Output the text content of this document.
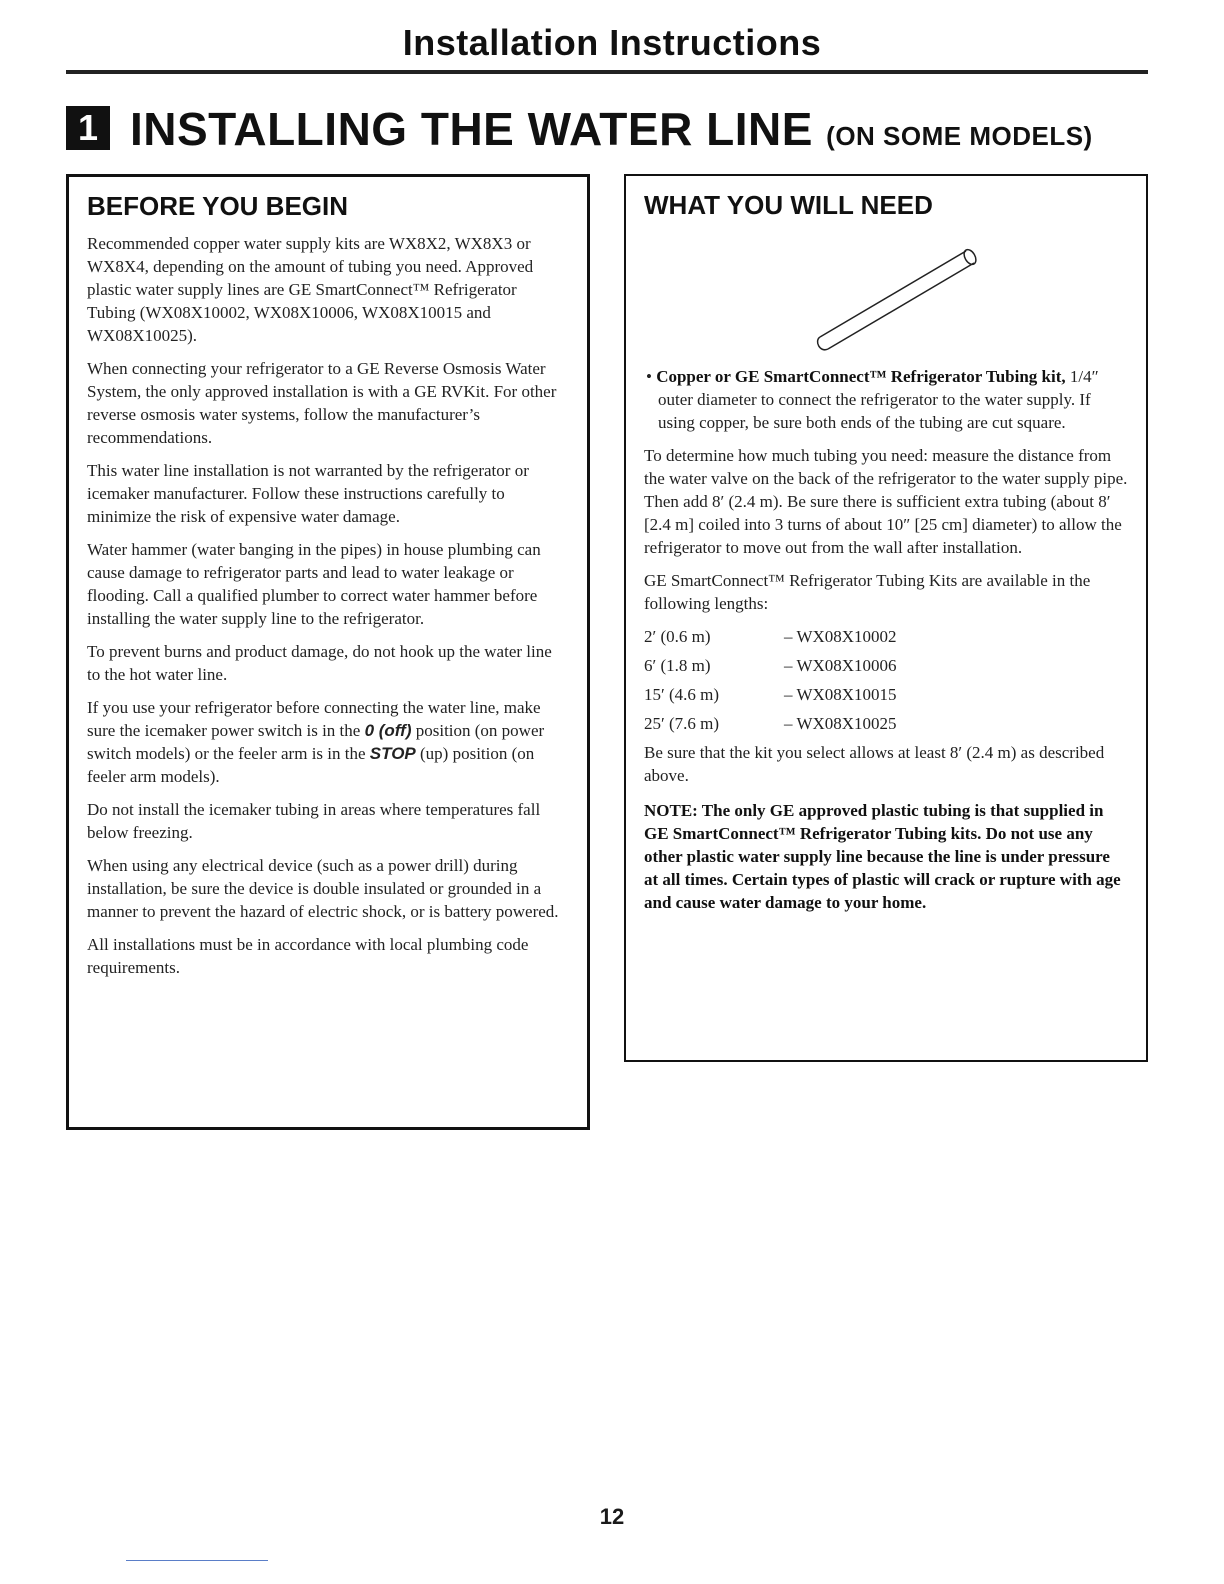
Installation Instructions
1 INSTALLING THE WATER LINE (ON SOME MODELS)
BEFORE YOU BEGIN

Recommended copper water supply kits are WX8X2, WX8X3 or WX8X4, depending on the amount of tubing you need. Approved plastic water supply lines are GE SmartConnect™ Refrigerator Tubing (WX08X10002, WX08X10006, WX08X10015 and WX08X10025).

When connecting your refrigerator to a GE Reverse Osmosis Water System, the only approved installation is with a GE RVKit. For other reverse osmosis water systems, follow the manufacturer’s recommendations.

This water line installation is not warranted by the refrigerator or icemaker manufacturer. Follow these instructions carefully to minimize the risk of expensive water damage.

Water hammer (water banging in the pipes) in house plumbing can cause damage to refrigerator parts and lead to water leakage or flooding. Call a qualified plumber to correct water hammer before installing the water supply line to the refrigerator.

To prevent burns and product damage, do not hook up the water line to the hot water line.

If you use your refrigerator before connecting the water line, make sure the icemaker power switch is in the 0 (off) position (on power switch models) or the feeler arm is in the STOP (up) position (on feeler arm models).

Do not install the icemaker tubing in areas where temperatures fall below freezing.

When using any electrical device (such as a power drill) during installation, be sure the device is double insulated or grounded in a manner to prevent the hazard of electric shock, or is battery powered.

All installations must be in accordance with local plumbing code requirements.

WHAT YOU WILL NEED

• Copper or GE SmartConnect™ Refrigerator Tubing kit, 1/4″ outer diameter to connect the refrigerator to the water supply. If using copper, be sure both ends of the tubing are cut square.

To determine how much tubing you need: measure the distance from the water valve on the back of the refrigerator to the water supply pipe. Then add 8′ (2.4 m). Be sure there is sufficient extra tubing (about 8′ [2.4 m] coiled into 3 turns of about 10″ [25 cm] diameter) to allow the refrigerator to move out from the wall after installation.

GE SmartConnect™ Refrigerator Tubing Kits are available in the following lengths:

2′ (0.6 m)	– WX08X10002
6′ (1.8 m)	– WX08X10006
15′ (4.6 m)	– WX08X10015
25′ (7.6 m)	– WX08X10025

Be sure that the kit you select allows at least 8′ (2.4 m) as described above.

NOTE: The only GE approved plastic tubing is that supplied in GE SmartConnect™ Refrigerator Tubing kits. Do not use any other plastic water supply line because the line is under pressure at all times. Certain types of plastic will crack or rupture with age and cause water damage to your home.

12
